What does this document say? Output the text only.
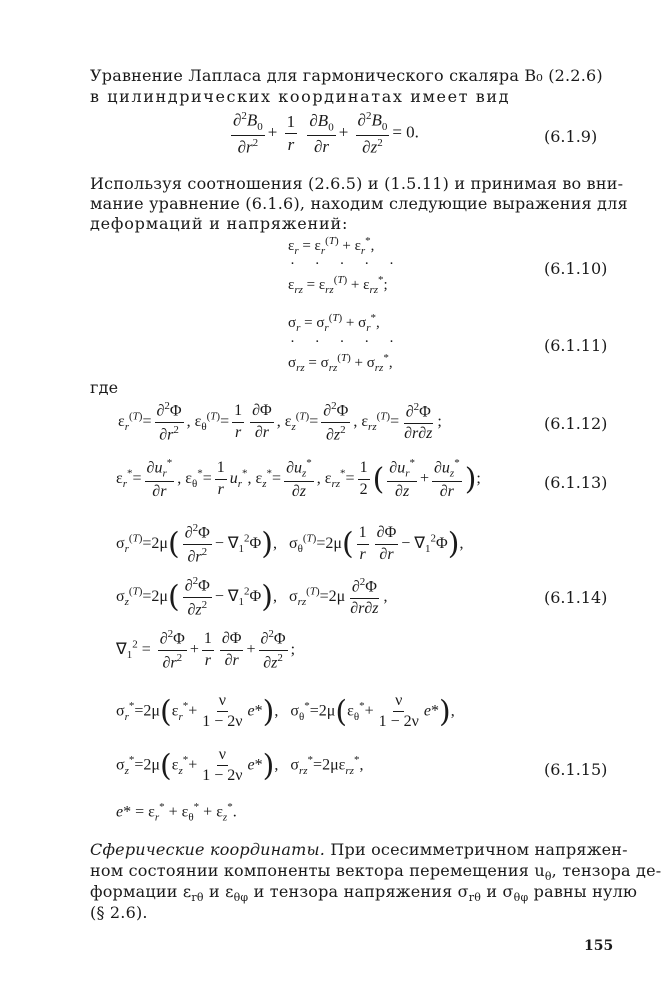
Уравнение Лапласа для гармонического скаляра B₀ (2.2.6)
в цилиндрических координатах имеет вид
$\frac{\partial^2B_0}{\partial r^2} + \frac{1}{r}$
$\frac{\partial B_0}{\partial r} + \frac{\partial^2B_0}{\partial z^2} = 0$.	(6.1.9)
Используя соотношения (2.6.5) и (1.5.11) и принимая во вни-
мание уравнение (6.1.6), находим следующие выражения для
деформаций и напряжений:
$\varepsilon_r = \varepsilon_r^{(T)} + \varepsilon_r^*$,
· · · · ·
$\varepsilon_{rz} = \varepsilon_{rz}^{(T)} + \varepsilon_{rz}^*$;
(6.1.10)
$\sigma_r = \sigma_r^{(T)} + \sigma_r^*$,
· · · · ·
$\sigma_{rz} = \sigma_{rz}^{(T)} + \sigma_{rz}^*$,
(6.1.11)
где
$\varepsilon_r^{(T)}= \frac{\partial^2\Phi}{\partial r^2}$ , $\varepsilon_\theta^{(T)}= \frac{1}{r} \frac{\partial\Phi}{\partial r}$ , $\varepsilon_z^{(T)}= \frac{\partial^2\Phi}{\partial z^2}$ , $\varepsilon_{rz}^{(T)}= \frac{\partial^2\Phi}{\partial r\partial z}$ ;	(6.1.12)
$\varepsilon_r^*= \frac{\partial u_r^*}{\partial r}$ , $\varepsilon_\theta^*= \frac{1}{r} u_r^*$, $\varepsilon_z^*= \frac{\partial u_z^*}{\partial z}$ , $\varepsilon_{rz}^*= \frac{1}{2}$ ( $\frac{\partial u_r^*}{\partial z} + \frac{\partial u_z^*}{\partial r}$ );	(6.1.13)
$\sigma_r^{(T)}=2\mu( \frac{\partial^2\Phi}{\partial r^2} - \nabla_1^2\Phi)$,   $\sigma_\theta^{(T)}=2\mu( \frac{1}{r} \frac{\partial\Phi}{\partial r} - \nabla_1^2\Phi)$,
$\sigma_z^{(T)}=2\mu( \frac{\partial^2\Phi}{\partial z^2} - \nabla_1^2\Phi)$,   $\sigma_{rz}^{(T)}=2\mu \frac{\partial^2\Phi}{\partial r\partial z}$ ,	(6.1.14)
$\nabla_1^2 = \frac{\partial^2\Phi}{\partial r^2} + \frac{1}{r} \frac{\partial\Phi}{\partial r} + \frac{\partial^2\Phi}{\partial z^2}$ ;
$\sigma_r^*=2\mu(\varepsilon_r^*+ \frac{\nu}{1 - 2\nu} e*)$,   $\sigma_\theta^*=2\mu(\varepsilon_\theta^*+ \frac{\nu}{1 - 2\nu} e*)$,
$\sigma_z^*=2\mu(\varepsilon_z^*+ \frac{\nu}{1 - 2\nu} e*)$,   $\sigma_{rz}^*=2\mu\varepsilon_{rz}^*$,	(6.1.15)
$e* = \varepsilon_r^* + \varepsilon_\theta^* + \varepsilon_z^*$.
Сферические координаты. При осесимметричном напряжен-
ном состоянии компоненты вектора перемещения $u_\theta$, тензора де-
формации $\varepsilon_{r\theta}$ и $\varepsilon_{\theta\varphi}$ и тензора напряжения $\sigma_{r\theta}$ и $\sigma_{\theta\varphi}$ равны нулю
(§ 2.6).
155
